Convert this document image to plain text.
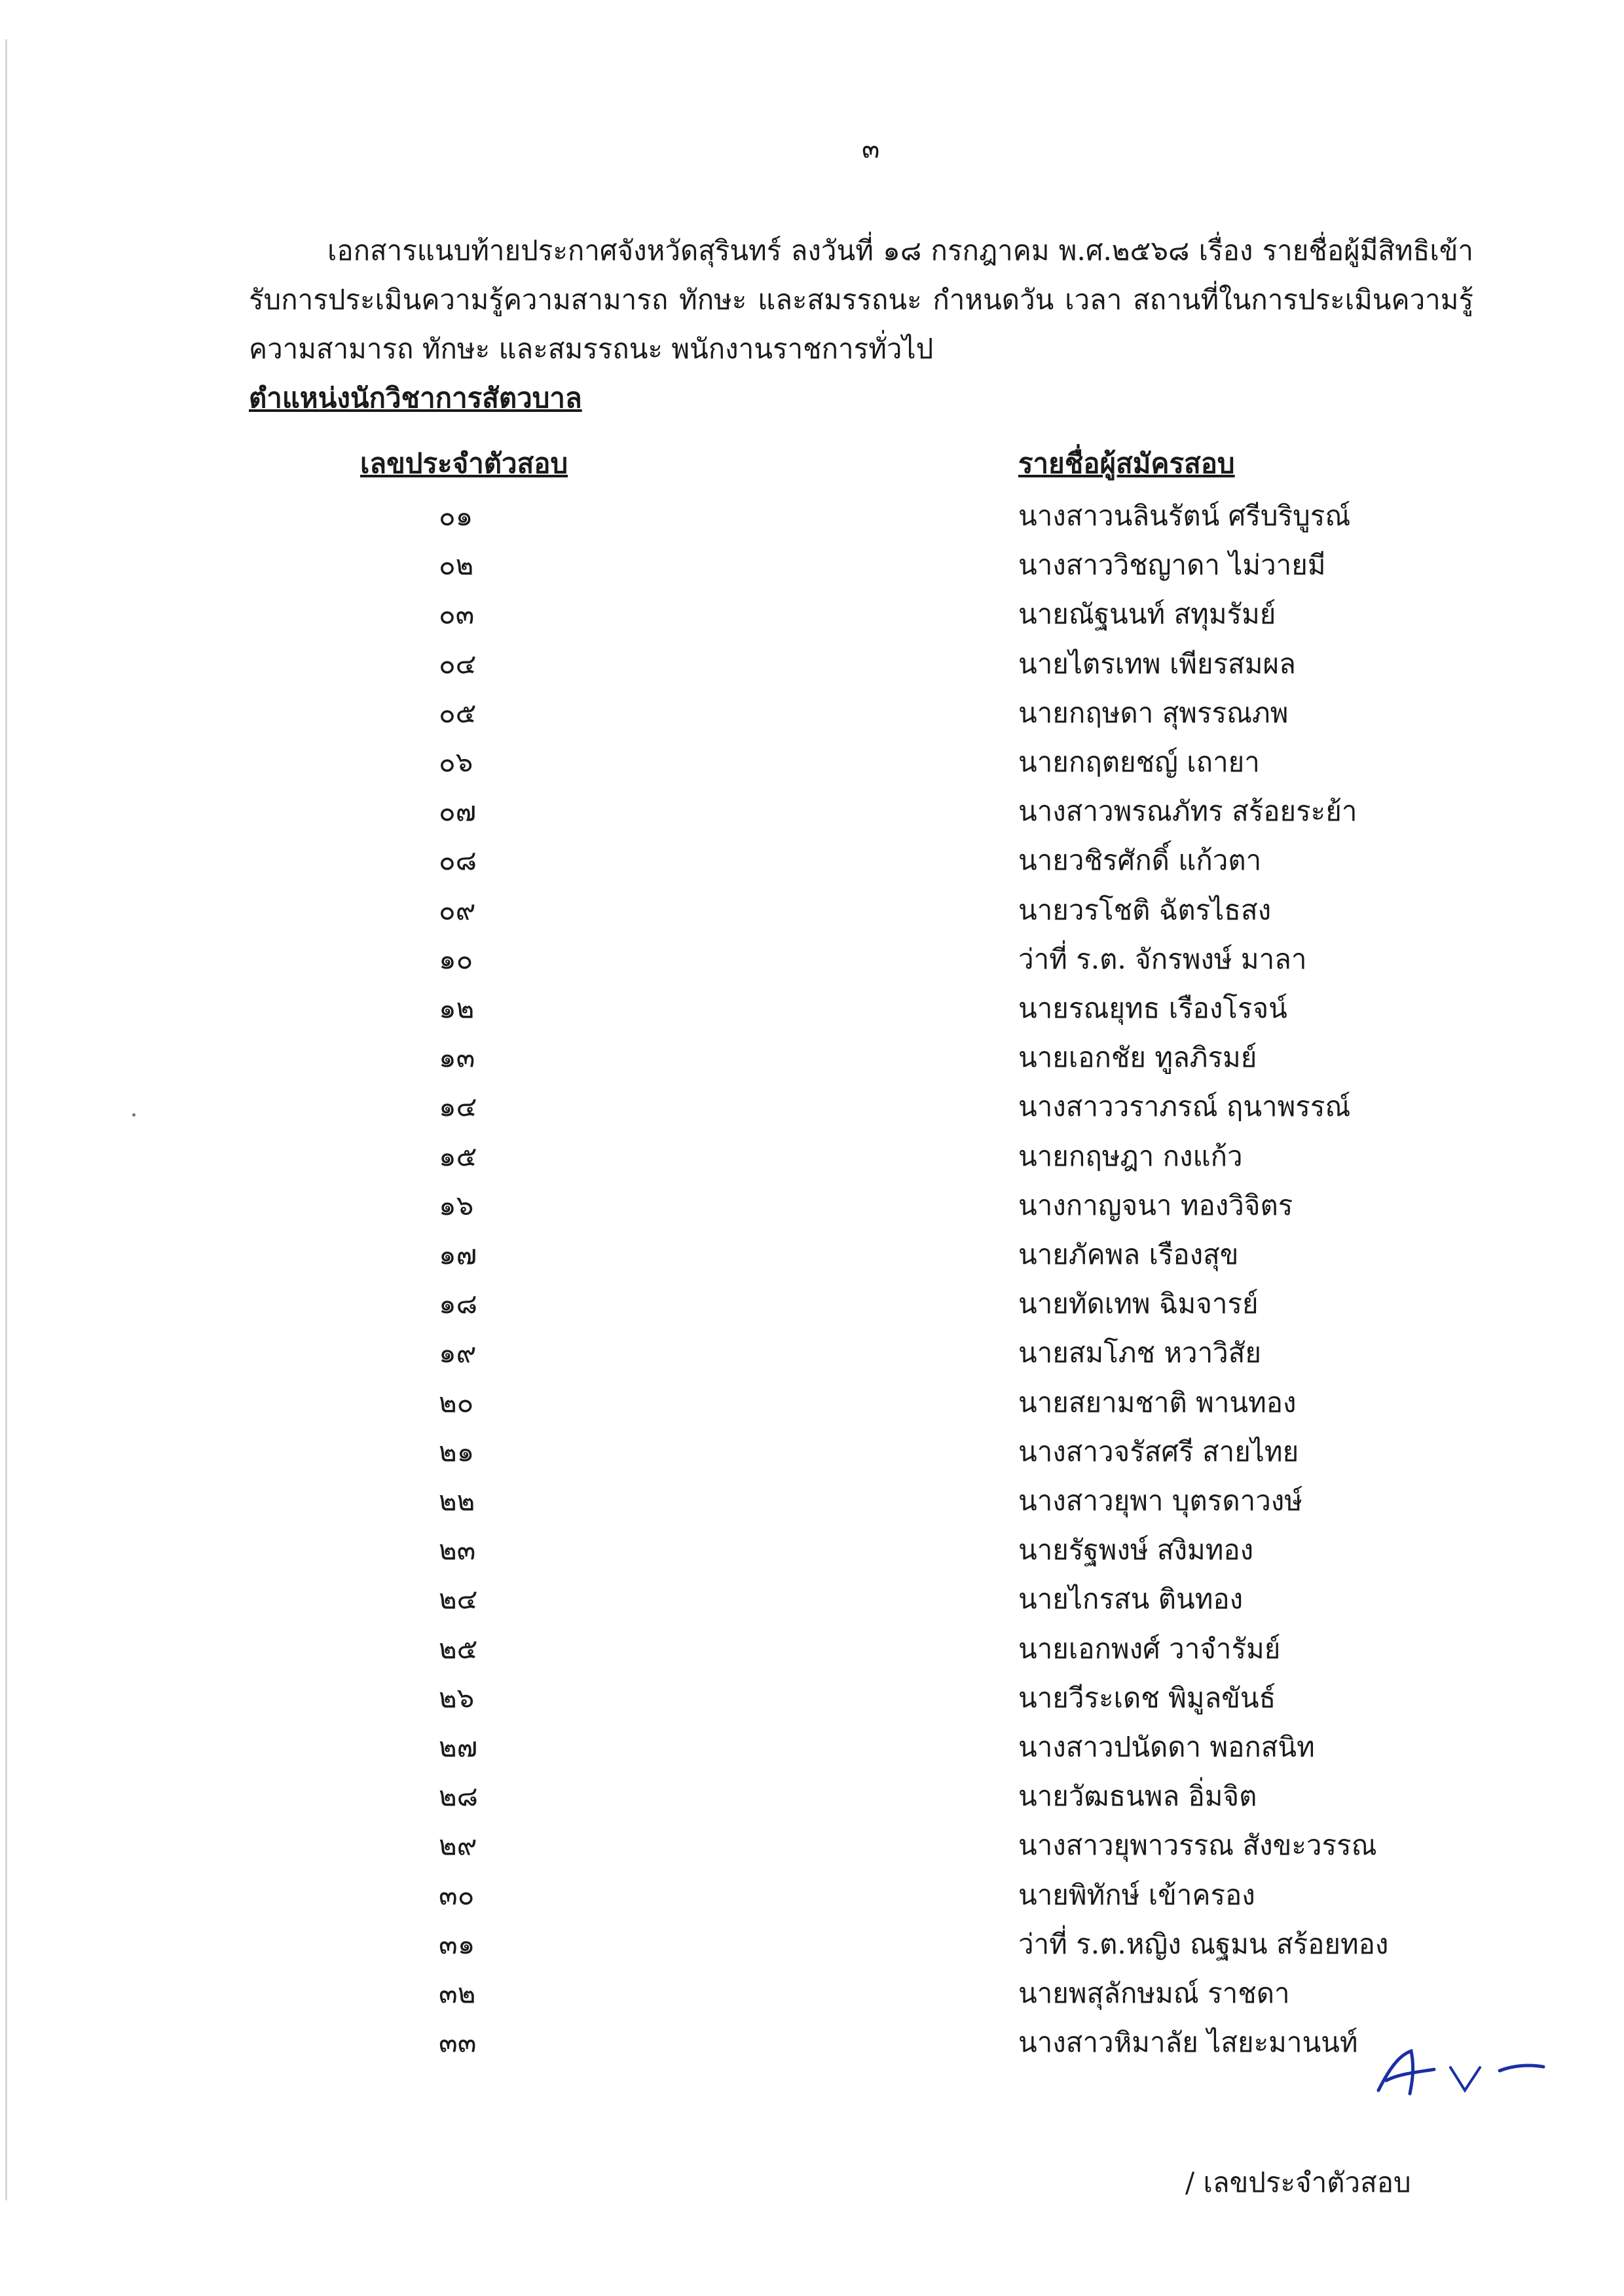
๓

เอกสารแนบท้ายประกาศจังหวัดสุรินทร์ ลงวันที่ ๑๘ กรกฎาคม พ.ศ.๒๕๖๘ เรื่อง รายชื่อผู้มีสิทธิเข้ารับการประเมินความรู้ความสามารถ ทักษะ และสมรรถนะ กำหนดวัน เวลา สถานที่ในการประเมินความรู้ความสามารถ ทักษะ และสมรรถนะ พนักงานราชการทั่วไป

ตำแหน่งนักวิชาการสัตวบาล
เลขประจำตัวสอบ	รายชื่อผู้สมัครสอบ
๐๑	นางสาวนลินรัตน์ ศรีบริบูรณ์
๐๒	นางสาววิชญาดา ไม่วายมี
๐๓	นายณัฐนนท์ สทุมรัมย์
๐๔	นายไตรเทพ เพียรสมผล
๐๕	นายกฤษดา สุพรรณภพ
๐๖	นายกฤตยชญ์ เถายา
๐๗	นางสาวพรณภัทร สร้อยระย้า
๐๘	นายวชิรศักดิ์ แก้วตา
๐๙	นายวรโชติ ฉัตรไธสง
๑๐	ว่าที่ ร.ต. จักรพงษ์ มาลา
๑๒	นายรณยุทธ เรืองโรจน์
๑๓	นายเอกชัย ทูลภิรมย์
๑๔	นางสาววราภรณ์ ฤนาพรรณ์
๑๕	นายกฤษฎา กงแก้ว
๑๖	นางกาญจนา ทองวิจิตร
๑๗	นายภัคพล เรืองสุข
๑๘	นายทัดเทพ ฉิมจารย์
๑๙	นายสมโภช หวาวิสัย
๒๐	นายสยามชาติ พานทอง
๒๑	นางสาวจรัสศรี สายไทย
๒๒	นางสาวยุพา บุตรดาวงษ์
๒๓	นายรัฐพงษ์ สงิมทอง
๒๔	นายไกรสน ตินทอง
๒๕	นายเอกพงศ์ วาจำรัมย์
๒๖	นายวีระเดช พิมูลขันธ์
๒๗	นางสาวปนัดดา พอกสนิท
๒๘	นายวัฒธนพล อิ่มจิต
๒๙	นางสาวยุพาวรรณ สังขะวรรณ
๓๐	นายพิทักษ์ เข้าครอง
๓๑	ว่าที่ ร.ต.หญิง ณฐมน สร้อยทอง
๓๒	นายพสุลักษมณ์ ราชดา
๓๓	นางสาวหิมาลัย ไสยะมานนท์
/ เลขประจำตัวสอบ
